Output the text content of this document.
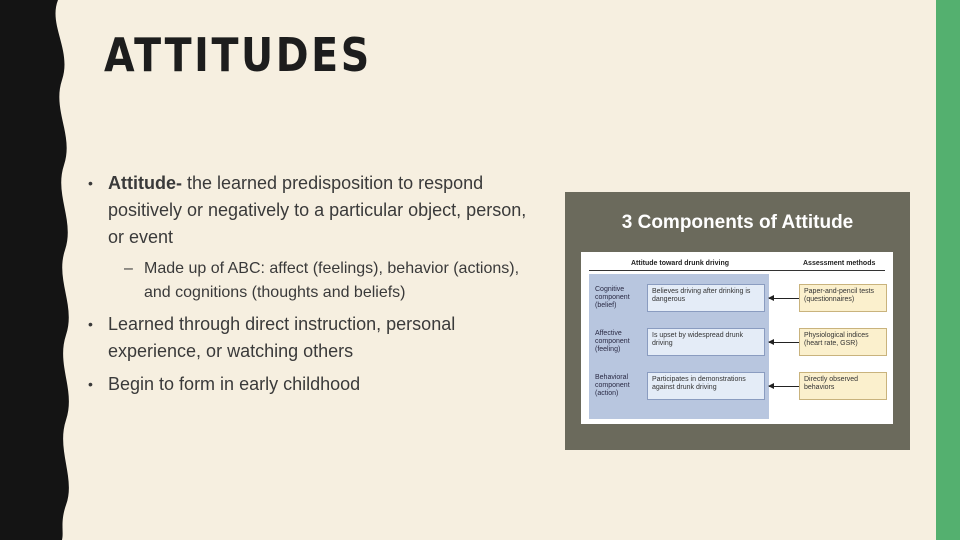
ATTITUDES

• Attitude- the learned predisposition to respond positively or negatively to a particular object, person, or event

– Made up of ABC: affect (feelings), behavior (actions), and cognitions (thoughts and beliefs)

• Learned through direct instruction, personal experience, or watching others

• Begin to form in early childhood

3 Components of Attitude
Attitude toward drunk driving	Assessment methods
Cognitive
component
(belief)
Believes driving after drinking is dangerous
Paper-and-pencil tests (questionnaires)
Affective
component
(feeling)
Is upset by widespread drunk driving
Physiological indices (heart rate, GSR)
Behavioral
component
(action)
Participates in demonstrations against drunk driving
Directly observed behaviors
